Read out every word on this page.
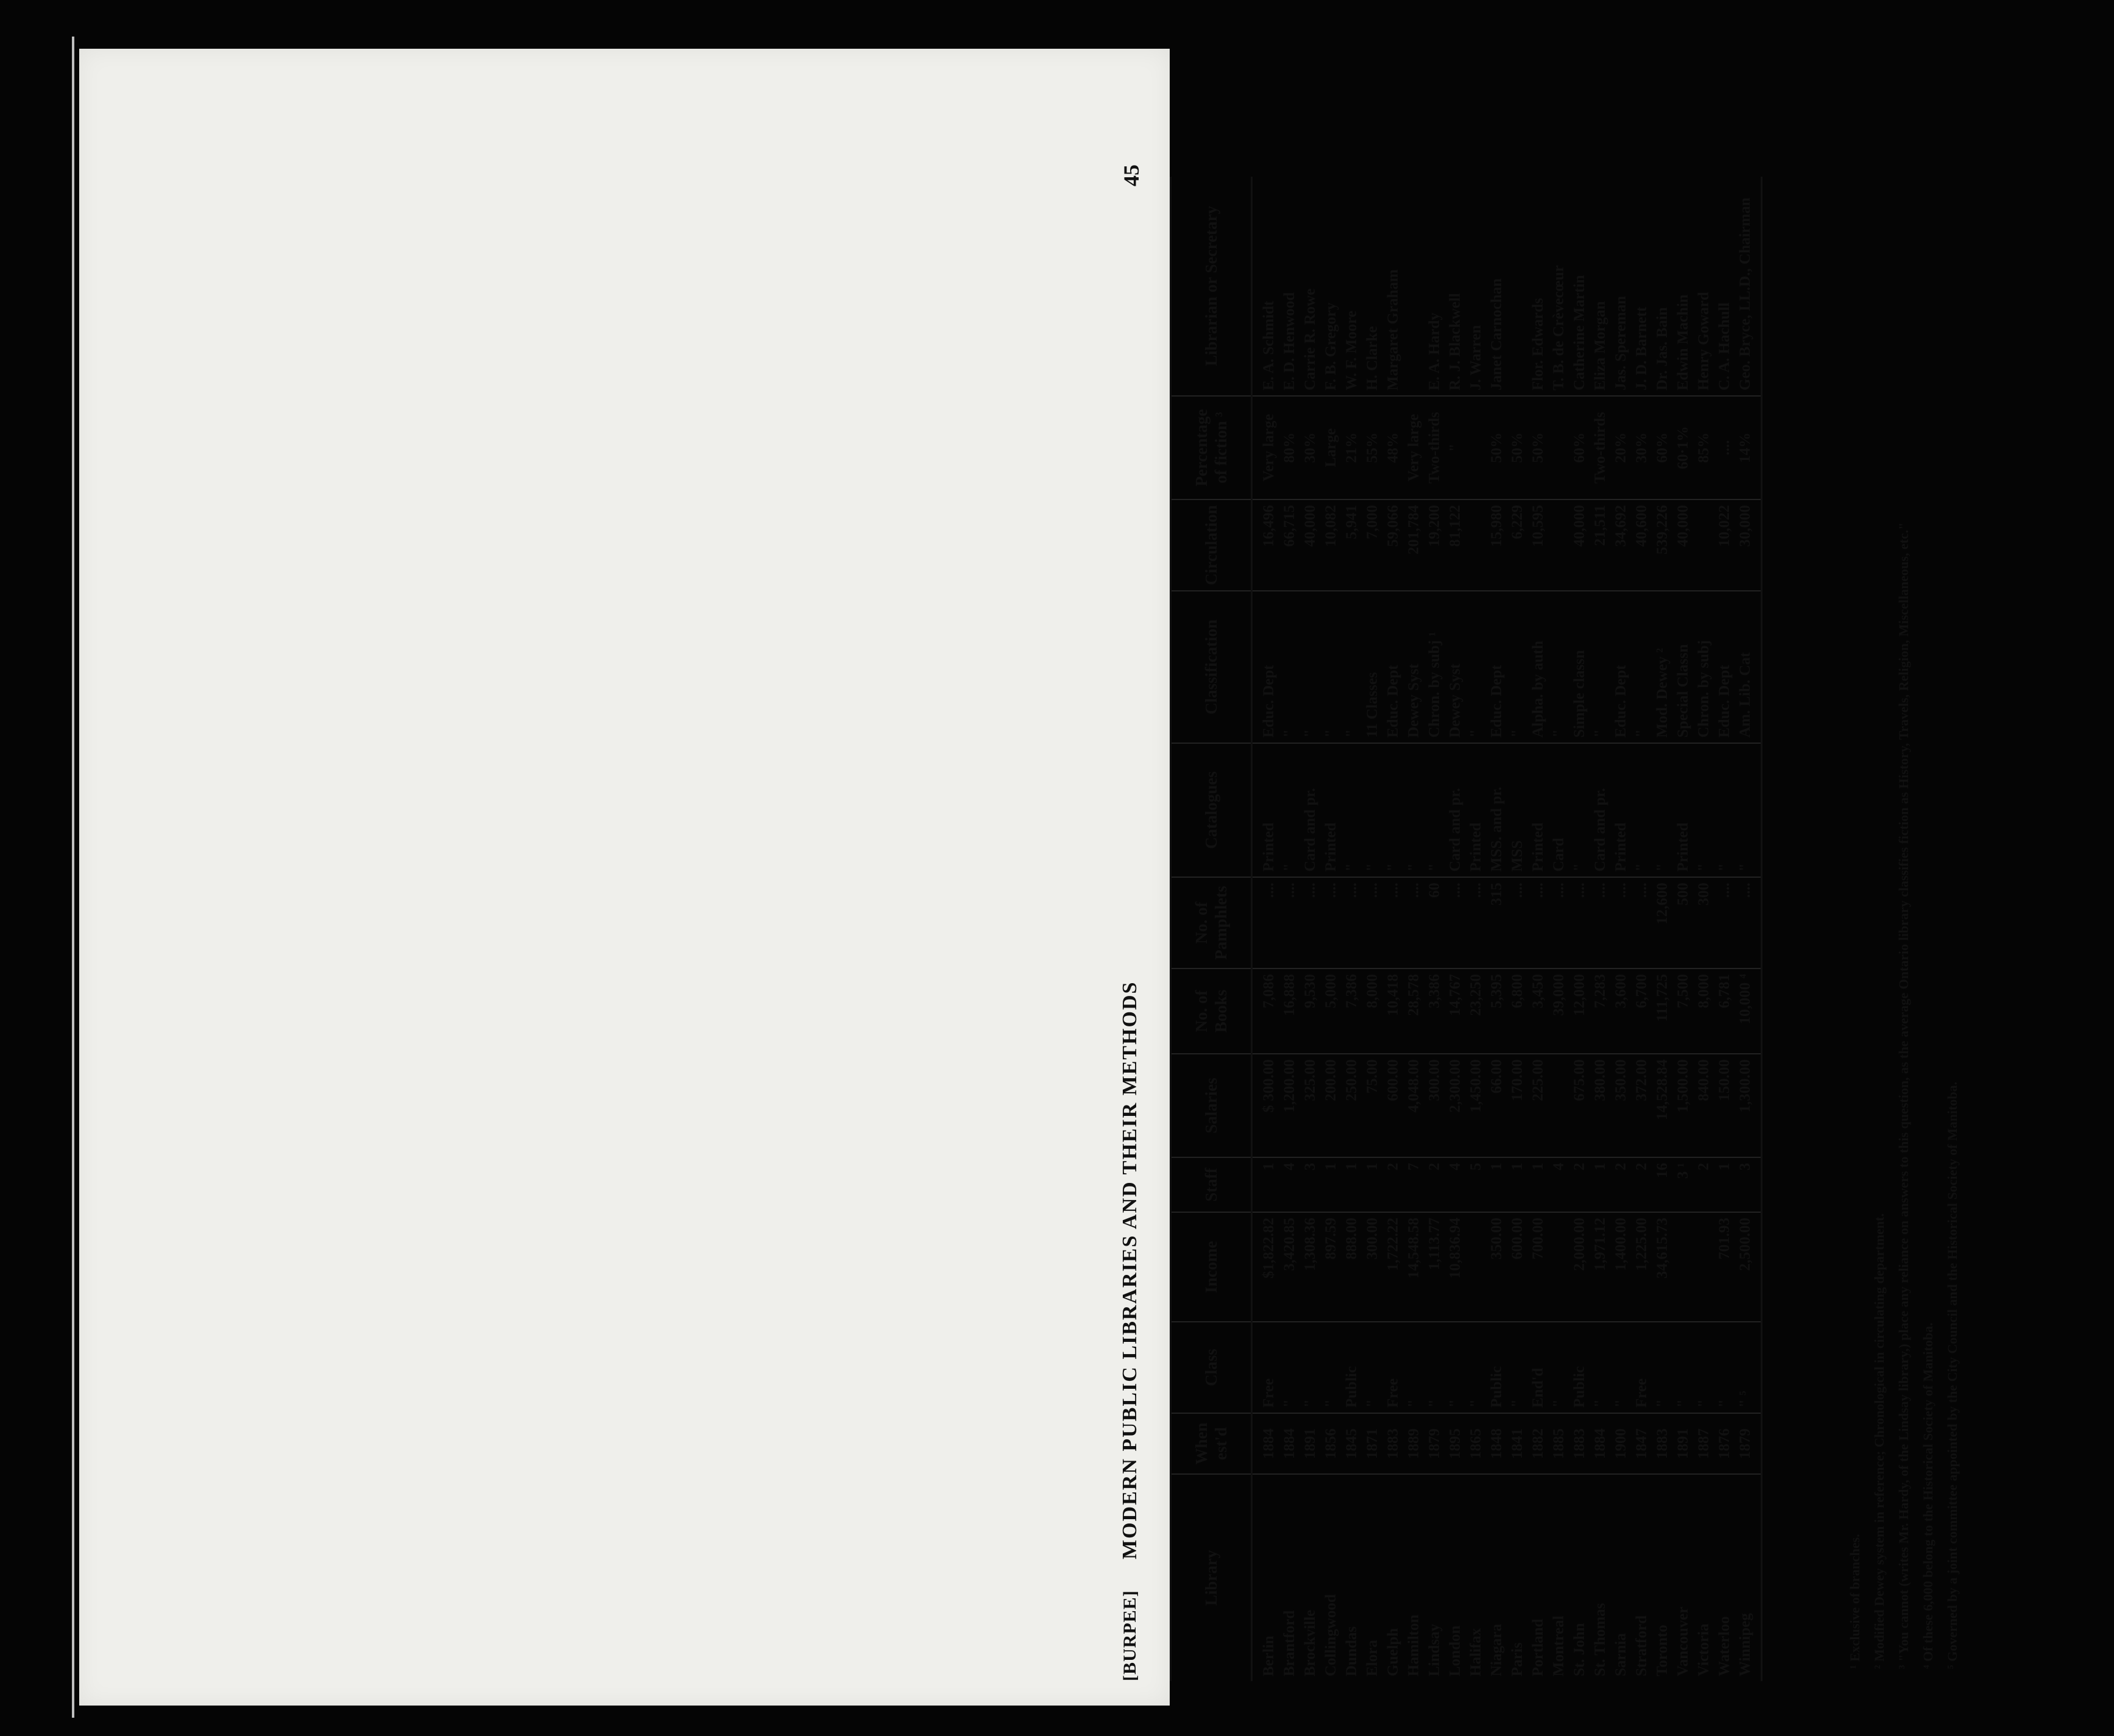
[BURPEE]
MODERN PUBLIC LIBRARIES AND THEIR METHODS
45
Library	When est'd	Class	Income	Staff	Salaries	No. of Books	No. of Pamphlets	Catalogues	Classification	Circulation	Percentage of fiction ³	Librarian or Secretary
Berlin	1884	Free	$1,822.82	1	$ 300.00	7,086	....	Printed	Educ. Dept	16,496	Very large	E. A. Schmidt
Brantford	1884	"	3,420.85	4	1,200.00	16,888	....	"	"	66,715	80%	E. D. Henwood
Brockville	1891	"	1,308.36	3	325.00	9,530	....	Card and pr.	"	40,000	30%	Carrie R. Rowe
Collingwood	1856	"	897.59	1	200.00	5,000	....	Printed	"	10,082	Large	F. B. Gregory
Dundas	1845	Public	888.00	1	250.00	7,386	....	"	"	5,941	21%	W. F. Moore
Elora	1871	"	300.00	1	75.00	8,000	....	"	11 Classes	7,000	55%	H. Clarke
Guelph	1883	Free	1,722.22	2	600.00	10,418	....	"	Educ. Dept	59,066	48%	Margaret Graham
Hamilton	1889	"	14,548.58	7	4,048.00	28,578	....	"	Dewey Syst	201,784	Very large	
Lindsay	1879	"	1,113.77	2	300.00	3,386	60	"	Chron. by subj ¹	19,200	Two-thirds	E. A. Hardy
London	1895	"	10,836.94	4	2,300.00	14,767	....	Card and pr.	Dewey Syst	81,122	"	R. J. Blackwell
Halifax	1865	"		5	1,450.00	23,250	....	Printed	"			J. Warren
Niagara	1848	Public	350.00	1	66.00	5,395	315	MSS. and pr.	Educ. Dept	15,980	50%	Janet Carnochan
Paris	1841	"	600.00	1	170.00	6,800	....	MSS	"	6,229	50%	
Portland	1882	End'd	700.00	1	225.00	3,450	....	Printed	Alpha. by auth	10,595	50%	Flor. Edwards
Montreal	1885	"		4		39,000	....	Card	"			T. B. de Crèvecœur
St. John	1883	Public	2,000.00	2	675.00	12,000	....	"	Simple classn	40,000	60%	Catherine Martin
St. Thomas	1884	"	1,971.12	1	380.00	7,283	....	Card and pr.	"	21,511	Two-thirds	Eliza Morgan
Sarnia	1900	"	1,400.00	2	350.00	3,600	....	Printed	Educ. Dept	34,692	20%	Jas. Spereman
Stratford	1847	Free	1,225.00	2	372.00	6,700	....	"	"	40,600	30%	J. D. Barnett
Toronto	1883	"	34,615.73	16	14,528.84	111,725	12,600	"	Mod. Dewey ²	539,226	60%	Dr. Jas. Bain
Vancouver	1891	"		3 ¹	1,500.00	7,500	500	Printed	Special Classn	40,000	60·1%	Edwin Machin
Victoria	1887	"		2	840.00	8,000	300	"	Chron. by subj		85%	Henry Goward
Waterloo	1876	"	701.93	1	150.00	6,781	....	"	Educ. Dept	10,022	....	C. A. Hachull
Winnipeg	1879	" ⁵	2,500.00	3	1,300.00	10,000 ⁴	....	"	Am. Lib. Cat	30,000	14%	Geo. Bryce, LL.D., Chairman
¹ Exclusive of branches. ² Modified Dewey system in reference; Chronological in circulating department. ³ "You cannot (writes Mr. Hardy, of the Lindsay library,) place any reliance on answers to this question, as the average Ontario library classifies fiction as History, Travels, Religion, Miscellaneous, etc." ⁴ Of these 6,000 belong to the Historical Society of Manitoba. ⁵ Governed by a joint committee appointed by the City Council and the Historical Society of Manitoba.
